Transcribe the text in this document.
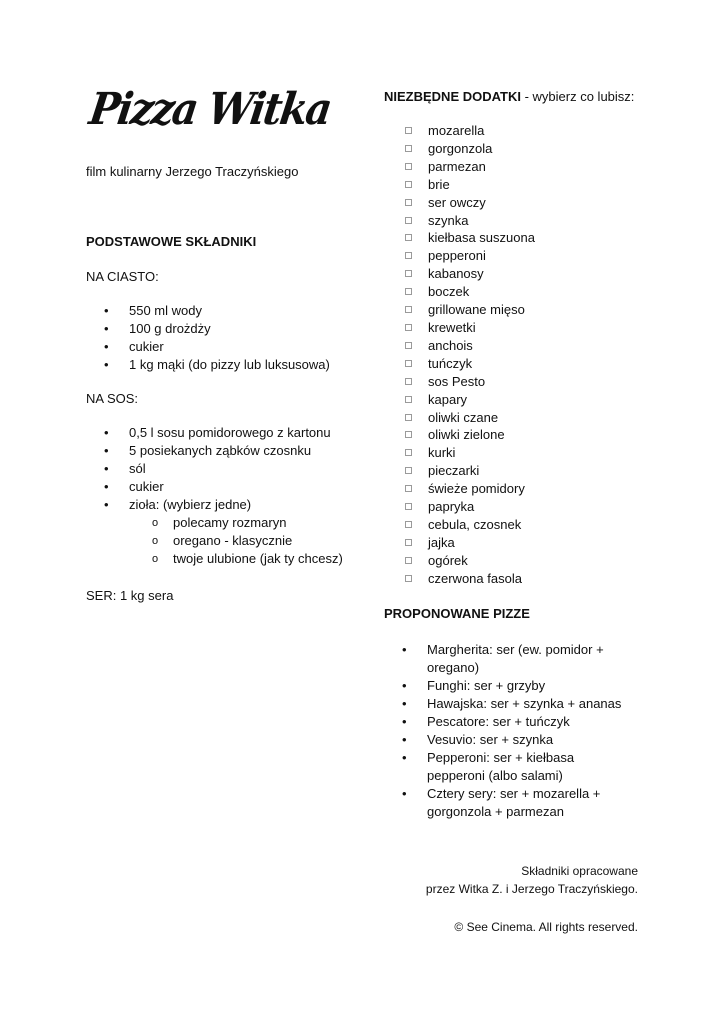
Pizza Witka
film kulinarny Jerzego Traczyńskiego
PODSTAWOWE SKŁADNIKI
NA CIASTO:
• 550 ml wody
• 100 g drożdży
• cukier
• 1 kg mąki (do pizzy lub luksusowa)
NA SOS:
• 0,5 l sosu pomidorowego z kartonu
• 5 posiekanych ząbków czosnku
• sól
• cukier
• zioła: (wybierz jedne)
o polecamy rozmaryn
o oregano - klasycznie
o twoje ulubione (jak ty chcesz)
SER: 1 kg sera
NIEZBĘDNE DODATKI - wybierz co lubisz:
mozarella
gorgonzola
parmezan
brie
ser owczy
szynka
kiełbasa suszuona
pepperoni
kabanosy
boczek
grillowane mięso
krewetki
anchois
tuńczyk
sos Pesto
kapary
oliwki czane
oliwki zielone
kurki
pieczarki
świeże pomidory
papryka
cebula, czosnek
jajka
ogórek
czerwona fasola
PROPONOWANE PIZZE
• Margherita: ser (ew. pomidor + oregano)
• Funghi: ser + grzyby
• Hawajska: ser + szynka + ananas
• Pescatore: ser + tuńczyk
• Vesuvio: ser + szynka
• Pepperoni: ser + kiełbasa pepperoni (albo salami)
• Cztery sery: ser + mozarella + gorgonzola + parmezan
Składniki opracowane
przez Witka Z. i Jerzego Traczyńskiego.
© See Cinema. All rights reserved.
